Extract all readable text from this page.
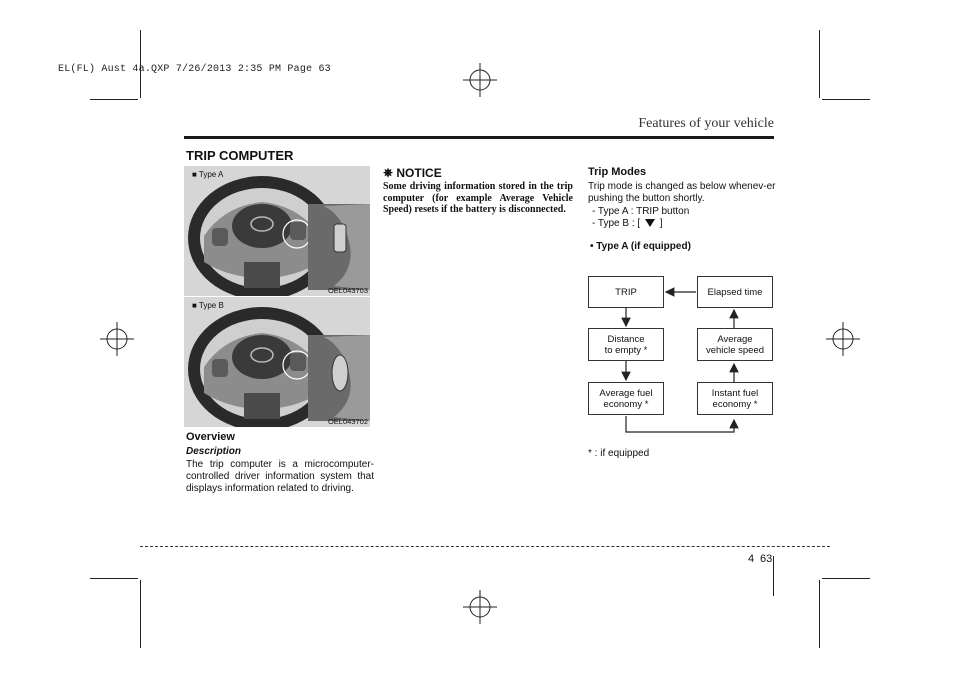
EL(FL) Aust 4a.QXP 7/26/2013 2:35 PM Page 63
Features of your vehicle
TRIP COMPUTER
■ Type A
OEL043703
■ Type B
OEL043702
Overview
Description
The trip computer is a microcomputer-controlled driver information system that displays information related to driving.
✵ NOTICE
Some driving information stored in the trip computer (for example Average Vehicle Speed) resets if the battery is disconnected.
Trip Modes
Trip mode is changed as below whenev-er pushing the button shortly.
- Type A : TRIP button
- Type B : [ ]
• Type A (if equipped)
TRIP	Elapsed time
Distance
to empty *
Average
vehicle speed
Average fuel
economy *
Instant fuel
economy *
* : if equipped
4 63
